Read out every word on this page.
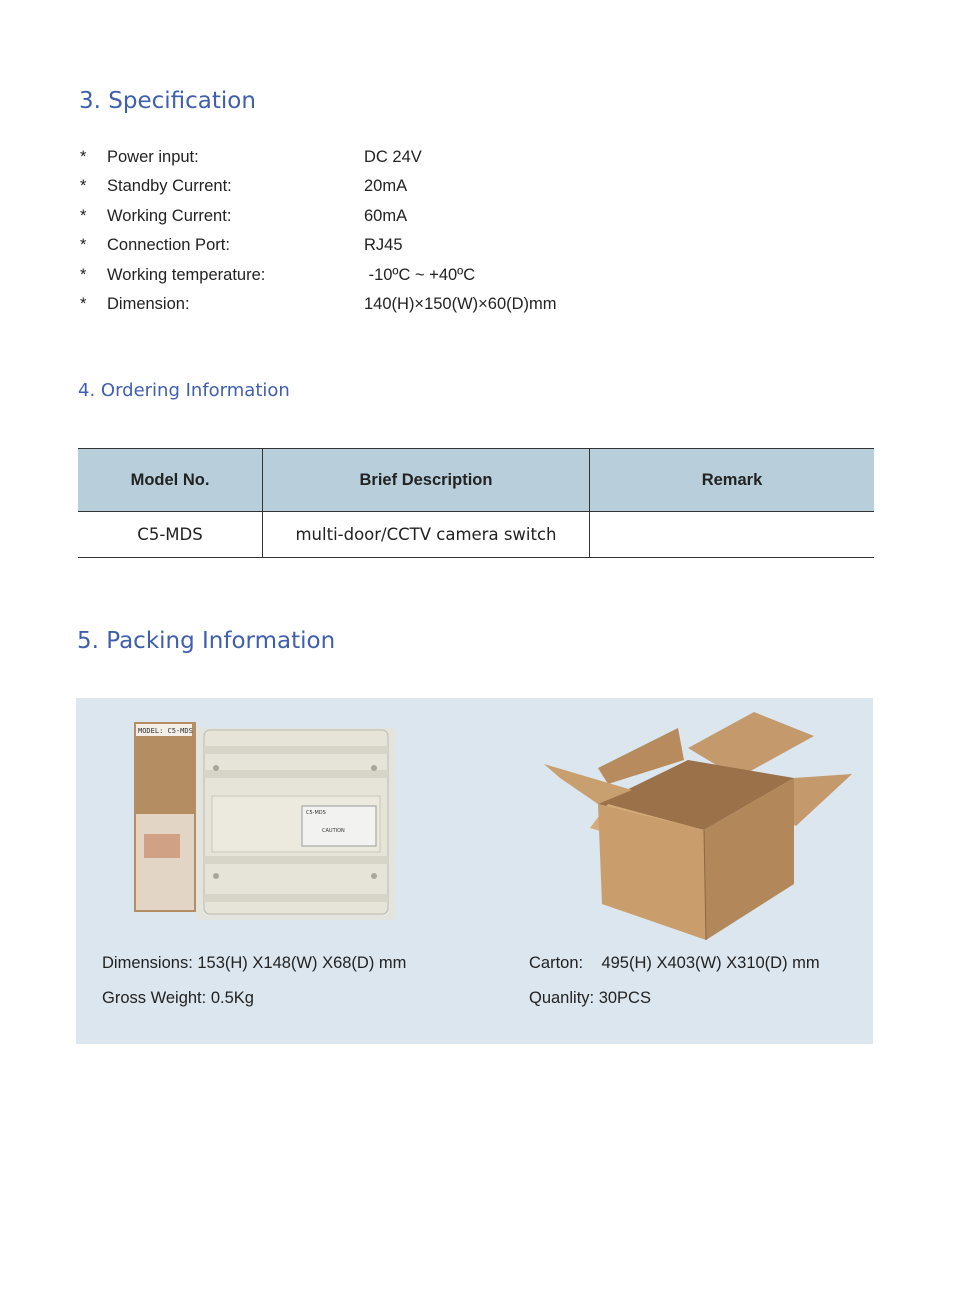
3. Specification
* Power input:	DC 24V
* Standby Current:	20mA
* Working Current:	60mA
* Connection Port:	RJ45
* Working temperature:	-10ºC ~ +40ºC
* Dimension:	140(H)×150(W)×60(D)mm
4. Ordering Information
Model No.	Brief Description	Remark
C5-MDS	multi-door/CCTV camera switch	
5. Packing Information
MODEL: C5-MDS
C5-MDS
CAUTION
Dimensions: 153(H) X148(W) X68(D) mm
Gross Weight: 0.5Kg
Carton:    495(H) X403(W) X310(D) mm
Quanlity: 30PCS
